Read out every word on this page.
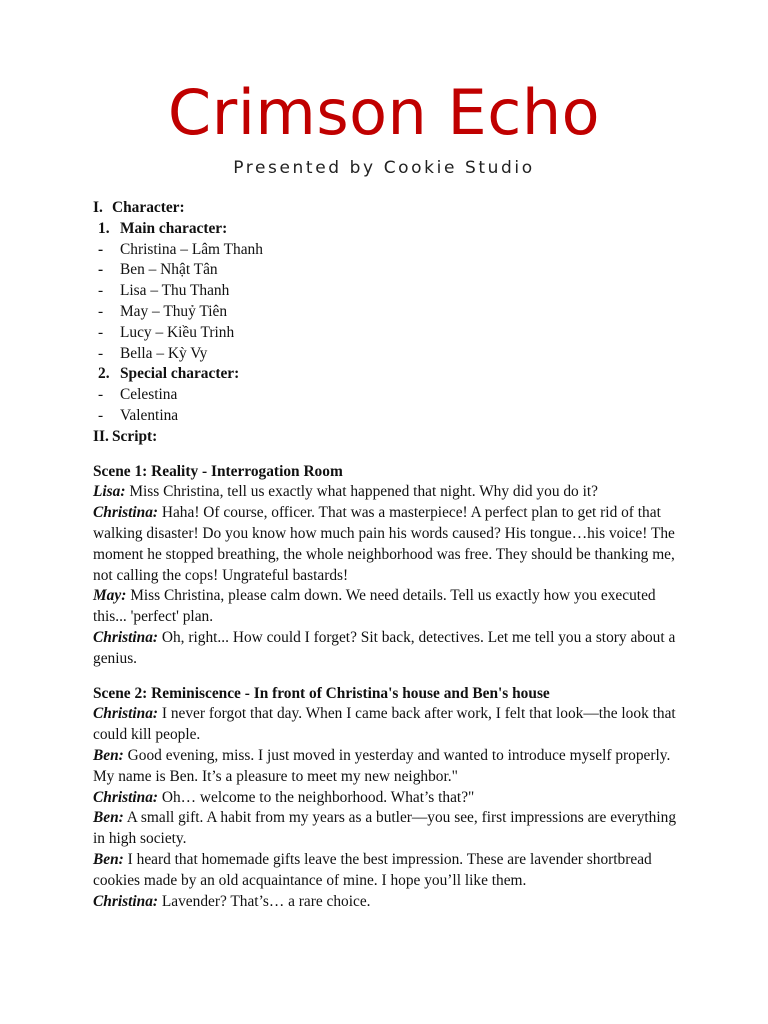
Crimson Echo
Presented by Cookie Studio
I. Character:
1. Main character:
- Christina – Lâm Thanh
- Ben – Nhật Tân
- Lisa – Thu Thanh
- May – Thuỷ Tiên
- Lucy – Kiều Trinh
- Bella – Kỳ Vy
2. Special character:
- Celestina
- Valentina
II. Script:
Scene 1: Reality - Interrogation Room

Lisa: Miss Christina, tell us exactly what happened that night. Why did you do it?

Christina: Haha! Of course, officer. That was a masterpiece! A perfect plan to get rid of that walking disaster! Do you know how much pain his words caused? His tongue…his voice! The moment he stopped breathing, the whole neighborhood was free. They should be thanking me, not calling the cops! Ungrateful bastards!

May: Miss Christina, please calm down. We need details. Tell us exactly how you executed this... 'perfect' plan.

Christina: Oh, right... How could I forget? Sit back, detectives. Let me tell you a story about a genius.

Scene 2: Reminiscence - In front of Christina's house and Ben's house

Christina: I never forgot that day. When I came back after work, I felt that look—the look that could kill people.

Ben: Good evening, miss. I just moved in yesterday and wanted to introduce myself properly. My name is Ben. It’s a pleasure to meet my new neighbor."

Christina: Oh… welcome to the neighborhood. What’s that?"

Ben: A small gift. A habit from my years as a butler—you see, first impressions are everything in high society.

Ben: I heard that homemade gifts leave the best impression. These are lavender shortbread cookies made by an old acquaintance of mine. I hope you’ll like them.

Christina: Lavender? That’s… a rare choice.
